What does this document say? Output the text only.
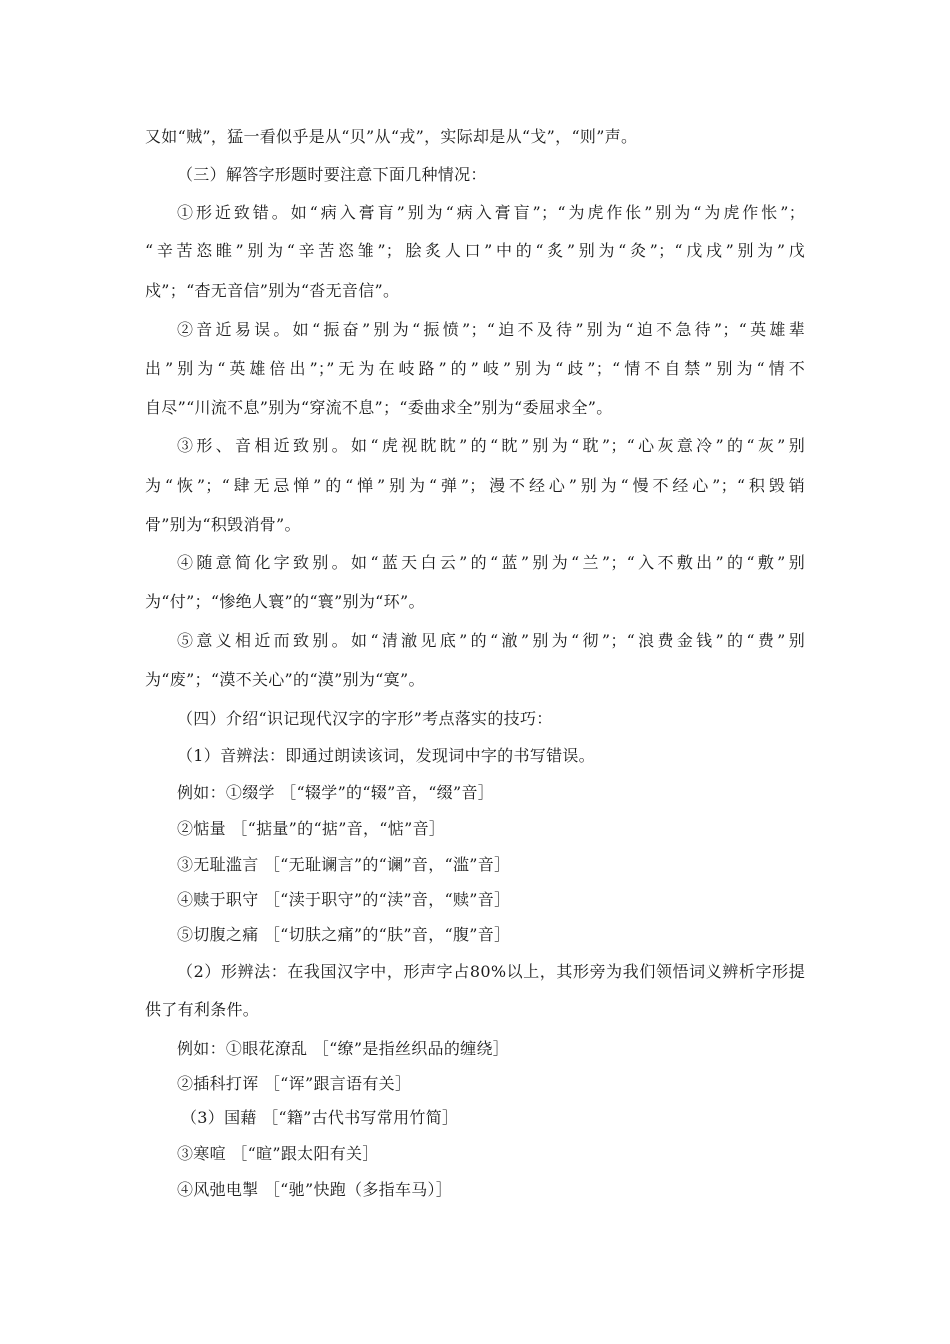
又如“贼”，猛一看似乎是从“贝”从“戎”，实际却是从“戈”，“则”声。
（三）解答字形题时要注意下面几种情况：
①形近致错。如“病入膏肓”别为“病入膏盲”；“为虎作伥”别为“为虎作怅”；
“辛苦恣睢”别为“辛苦恣雏”；脍炙人口”中的“炙”别为“灸”；“戊戌”别为”戊
戍”；“杳无音信”别为“沓无音信”。
②音近易误。如“振奋”别为“振愤”；“迫不及待”别为“迫不急待”；“英雄辈
出”别为“英雄倍出”；”无为在岐路”的”岐”别为“歧”；“情不自禁”别为“情不
自尽”“川流不息”别为“穿流不息”；“委曲求全”别为“委屈求全”。
③形、音相近致别。如“虎视眈眈”的“眈”别为“耽”；“心灰意冷”的“灰”别
为“恢”；“肆无忌惮”的“惮”别为“弹”；漫不经心”别为“慢不经心”；“积毁销
骨”别为“积毁消骨”。
④随意简化字致别。如“蓝天白云”的“蓝”别为“兰”；“入不敷出”的“敷”别
为“付”；“惨绝人寰”的“寰”别为“环”。
⑤意义相近而致别。如“清澈见底”的“澈”别为“彻”；“浪费金钱”的“费”别
为“废”；“漠不关心”的“漠”别为“寞”。
（四）介绍“识记现代汉字的字形”考点落实的技巧：
（1）音辨法：即通过朗读该词，发现词中字的书写错误。
例如：①缀学 ［“辍学”的“辍”音，“缀”音］
②惦量 ［“掂量”的“掂”音，“惦”音］
③无耻滥言 ［“无耻谰言”的“谰”音，“滥”音］
④赎于职守 ［“渎于职守”的“渎”音，“赎”音］
⑤切腹之痛 ［“切肤之痛”的“肤”音，“腹”音］
（2）形辨法：在我国汉字中，形声字占80%以上，其形旁为我们领悟词义辨析字形提
供了有利条件。
例如：①眼花潦乱 ［“缭”是指丝织品的缠绕］
②插科打诨 ［“诨”跟言语有关］
（3）国藉 ［“籍”古代书写常用竹简］
③寒喧 ［“暄”跟太阳有关］
④风弛电掣 ［“驰”快跑（多指车马）］
